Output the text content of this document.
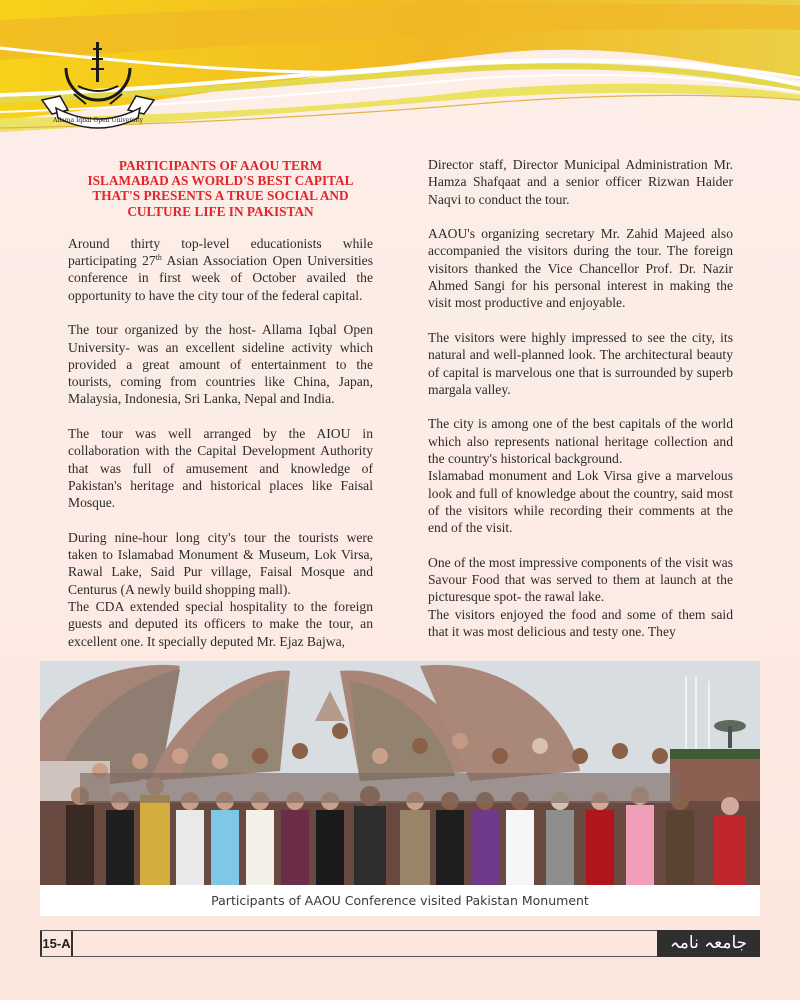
Allama Iqbal Open University
PARTICIPANTS OF AAOU TERM
ISLAMABAD AS WORLD'S BEST CAPITAL
THAT'S PRESENTS A TRUE SOCIAL AND
CULTURE LIFE IN PAKISTAN

Around thirty top-level educationists while participating 27th Asian Association Open Universities conference in first week of October availed the opportunity to have the city tour of the federal capital.

The tour organized by the host- Allama Iqbal Open University- was an excellent sideline activity which provided a great amount of entertainment to the tourists, coming from countries like China, Japan, Malaysia, Indonesia, Sri Lanka, Nepal and India.

The tour was well arranged by the AIOU in collaboration with the Capital Development Authority that was full of amusement and knowledge of Pakistan's heritage and historical places like Faisal Mosque.

During nine-hour long city's tour the tourists were taken to Islamabad Monument & Museum, Lok Virsa, Rawal Lake, Said Pur village, Faisal Mosque and Centurus (A newly build shopping mall).

The CDA extended special hospitality to the foreign guests and deputed its officers to make the tour, an excellent one. It specially deputed Mr. Ejaz Bajwa,

Director staff, Director Municipal Administration Mr. Hamza Shafqaat and a senior officer Rizwan Haider Naqvi to conduct the tour.

AAOU's organizing secretary Mr. Zahid Majeed also accompanied the visitors during the tour. The foreign visitors thanked the Vice Chancellor Prof. Dr. Nazir Ahmed Sangi for his personal interest in making the visit most productive and enjoyable.

The visitors were highly impressed to see the city, its natural and well-planned look. The architectural beauty of capital is marvelous one that is surrounded by superb margala valley.

The city is among one of the best capitals of the world which also represents national heritage collection and the country's historical background.

Islamabad monument and Lok Virsa give a marvelous look and full of knowledge about the country, said most of the visitors while recording their comments at the end of the visit.

One of the most impressive components of the visit was Savour Food that was served to them at launch at the picturesque spot- the rawal lake.

The visitors enjoyed the food and some of them said that it was most delicious and testy one. They

Participants of AAOU Conference visited Pakistan Monument
15-A	جامعہ نامہ
